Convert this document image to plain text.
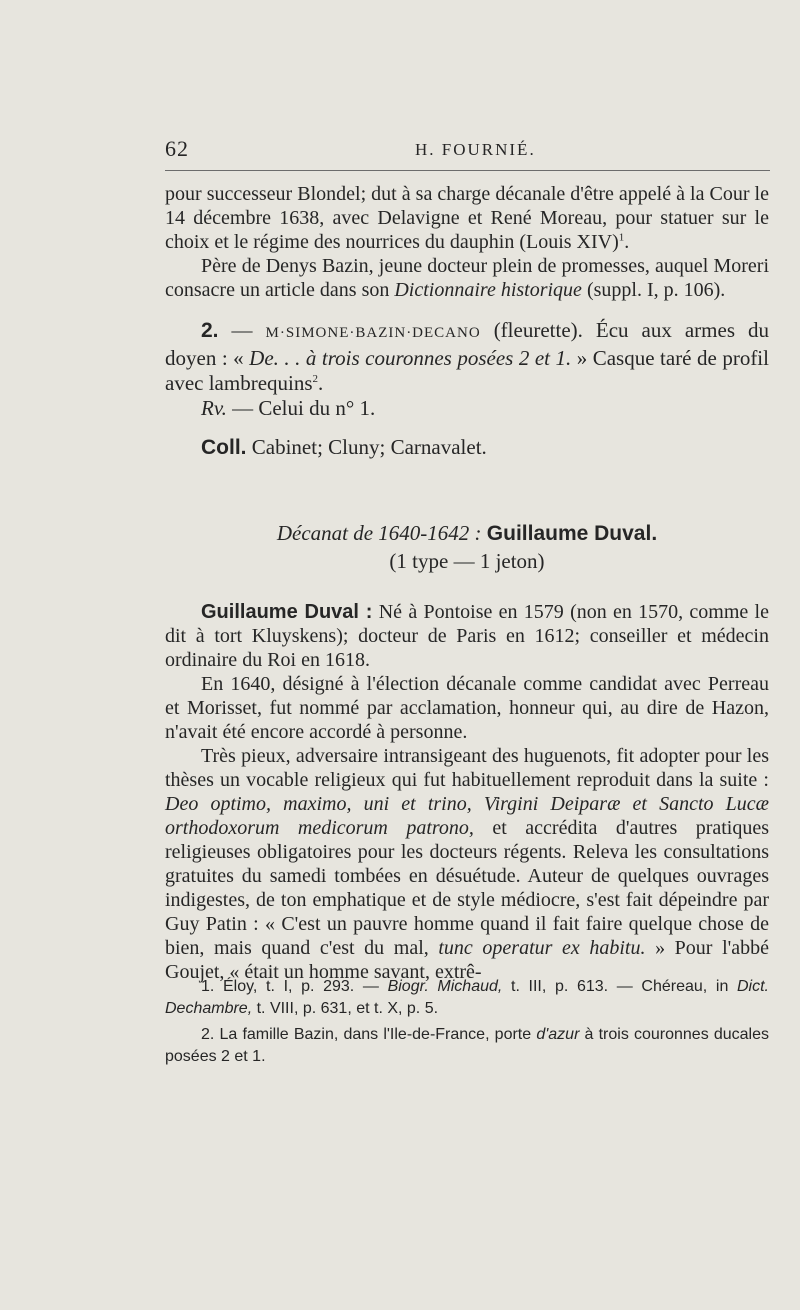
62	H. FOURNIÉ.

pour successeur Blondel; dut à sa charge décanale d'être appelé à la Cour le 14 décembre 1638, avec Delavigne et René Moreau, pour statuer sur le choix et le régime des nourrices du dauphin (Louis XIV)$^1$.

Père de Denys Bazin, jeune docteur plein de promesses, auquel Moreri consacre un article dans son Dictionnaire historique (suppl. I, p. 106).

2. — M·SIMONE·BAZIN·DECANO (fleurette). Écu aux armes du doyen : « De. . . à trois couronnes posées 2 et 1. » Casque taré de profil avec lambrequins$^2$.

Rv. — Celui du n° 1.

Coll. Cabinet; Cluny; Carnavalet.

Décanat de 1640-1642 : Guillaume Duval.
(1 type — 1 jeton)

Guillaume Duval : Né à Pontoise en 1579 (non en 1570, comme le dit à tort Kluyskens); docteur de Paris en 1612; conseiller et médecin ordinaire du Roi en 1618.

En 1640, désigné à l'élection décanale comme candidat avec Perreau et Morisset, fut nommé par acclamation, honneur qui, au dire de Hazon, n'avait été encore accordé à personne.

Très pieux, adversaire intransigeant des huguenots, fit adopter pour les thèses un vocable religieux qui fut habituellement reproduit dans la suite : Deo optimo, maximo, uni et trino, Virgini Deiparæ et Sancto Lucæ orthodoxorum medicorum patrono, et accrédita d'autres pratiques religieuses obligatoires pour les docteurs régents. Releva les consultations gratuites du samedi tombées en désuétude. Auteur de quelques ouvrages indigestes, de ton emphatique et de style médiocre, s'est fait dépeindre par Guy Patin : « C'est un pauvre homme quand il fait faire quelque chose de bien, mais quand c'est du mal, tunc operatur ex habitu. » Pour l'abbé Goujet, « était un homme savant, extrê-

1. Éloy, t. I, p. 293. — Biogr. Michaud, t. III, p. 613. — Chéreau, in Dict. Dechambre, t. VIII, p. 631, et t. X, p. 5.

2. La famille Bazin, dans l'Ile-de-France, porte d'azur à trois couronnes ducales posées 2 et 1.
